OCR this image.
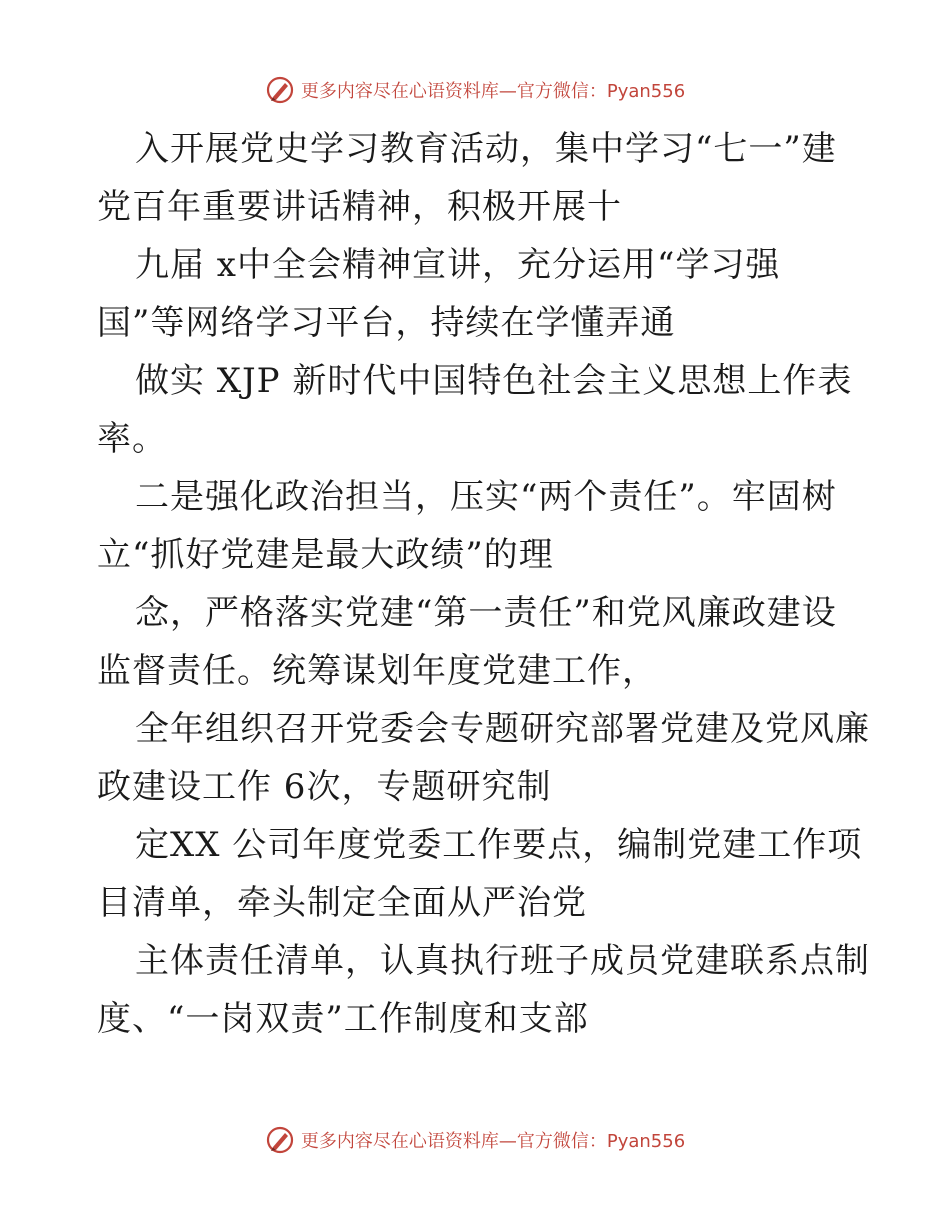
更多内容尽在心语资料库—官方微信：Pyan556
入开展党史学习教育活动，集中学习“七一”建
党百年重要讲话精神，积极开展十
九届 x中全会精神宣讲，充分运用“学习强
国”等网络学习平台，持续在学懂弄通
做实 XJP 新时代中国特色社会主义思想上作表
率。
二是强化政治担当，压实“两个责任”。牢固树
立“抓好党建是最大政绩”的理
念，严格落实党建“第一责任”和党风廉政建设
监督责任。统筹谋划年度党建工作，
全年组织召开党委会专题研究部署党建及党风廉
政建设工作 6次，专题研究制
定XX 公司年度党委工作要点，编制党建工作项
目清单，牵头制定全面从严治党
主体责任清单，认真执行班子成员党建联系点制
度、“一岗双责”工作制度和支部
更多内容尽在心语资料库—官方微信：Pyan556
